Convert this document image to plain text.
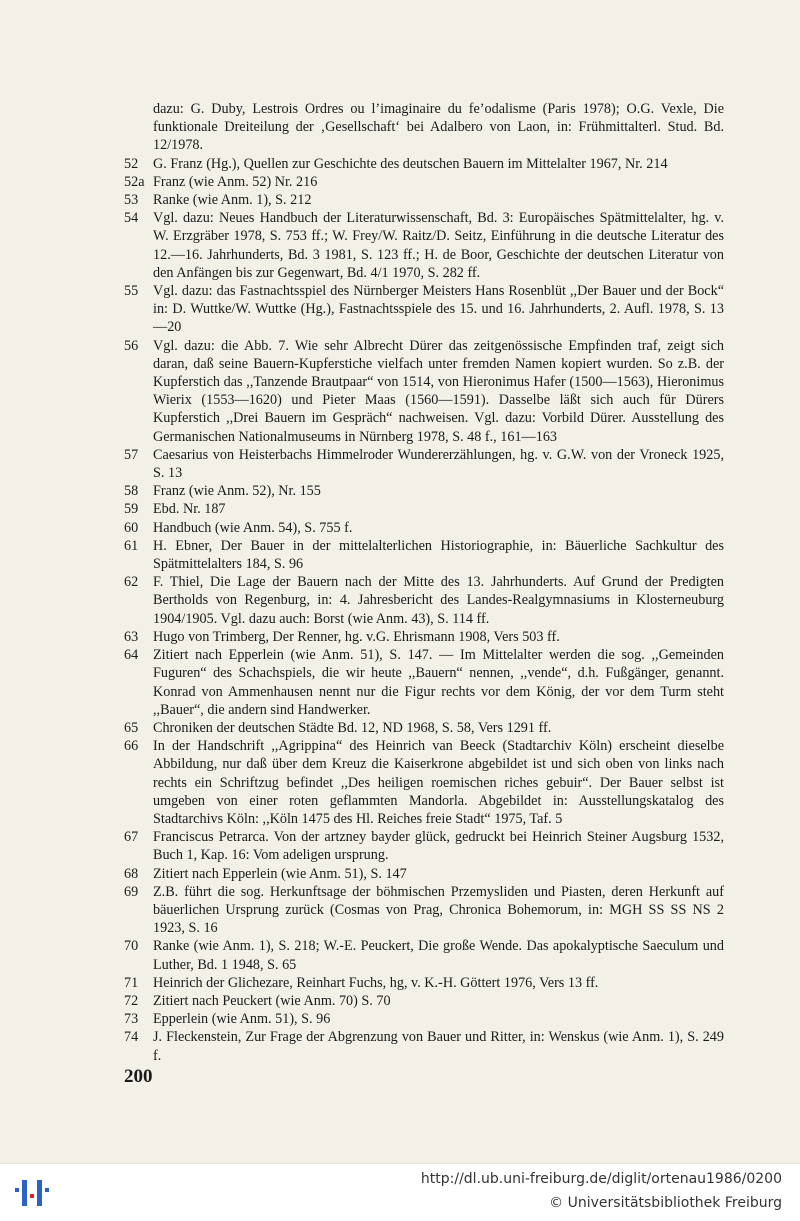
dazu: G. Duby, Lestrois Ordres ou l’imaginaire du fe’odalisme (Paris 1978); O.G. Vexle, Die funktionale Dreiteilung der ‚Gesellschaft‘ bei Adalbero von Laon, in: Frühmittalterl. Stud. Bd. 12/1978.
52	G. Franz (Hg.), Quellen zur Geschichte des deutschen Bauern im Mittelalter 1967, Nr. 214
52a Franz (wie Anm. 52) Nr. 216
53	Ranke (wie Anm. 1), S. 212
54	Vgl. dazu: Neues Handbuch der Literaturwissenschaft, Bd. 3: Europäisches Spätmittelalter, hg. v. W. Erzgräber 1978, S. 753 ff.; W. Frey/W. Raitz/D. Seitz, Einführung in die deutsche Literatur des 12.—16. Jahrhunderts, Bd. 3 1981, S. 123 ff.; H. de Boor, Geschichte der deutschen Literatur von den Anfängen bis zur Gegenwart, Bd. 4/1 1970, S. 282 ff.
55	Vgl. dazu: das Fastnachtsspiel des Nürnberger Meisters Hans Rosenblüt ,,Der Bauer und der Bock“ in: D. Wuttke/W. Wuttke (Hg.), Fastnachtsspiele des 15. und 16. Jahrhunderts, 2. Aufl. 1978, S. 13—20
56	Vgl. dazu: die Abb. 7. Wie sehr Albrecht Dürer das zeitgenössische Empfinden traf, zeigt sich daran, daß seine Bauern-Kupferstiche vielfach unter fremden Namen kopiert wurden. So z.B. der Kupferstich das ,,Tanzende Brautpaar“ von 1514, von Hieronimus Hafer (1500—1563), Hieronimus Wierix (1553—1620) und Pieter Maas (1560—1591). Dasselbe läßt sich auch für Dürers Kupferstich ,,Drei Bauern im Gespräch“ nachweisen. Vgl. dazu: Vorbild Dürer. Ausstellung des Germanischen Nationalmuseums in Nürnberg 1978, S. 48 f., 161—163
57	Caesarius von Heisterbachs Himmelroder Wundererzählungen, hg. v. G.W. von der Vroneck 1925, S. 13
58	Franz (wie Anm. 52), Nr. 155
59	Ebd. Nr. 187
60	Handbuch (wie Anm. 54), S. 755 f.
61	H. Ebner, Der Bauer in der mittelalterlichen Historiographie, in: Bäuerliche Sachkultur des Spätmittelalters 184, S. 96
62	F. Thiel, Die Lage der Bauern nach der Mitte des 13. Jahrhunderts. Auf Grund der Predigten Bertholds von Regenburg, in: 4. Jahresbericht des Landes-Realgymnasiums in Klosterneuburg 1904/1905. Vgl. dazu auch: Borst (wie Anm. 43), S. 114 ff.
63	Hugo von Trimberg, Der Renner, hg. v.G. Ehrismann 1908, Vers 503 ff.
64	Zitiert nach Epperlein (wie Anm. 51), S. 147. — Im Mittelalter werden die sog. ,,Gemeinden Fuguren“ des Schachspiels, die wir heute ,,Bauern“ nennen, ,,vende“, d.h. Fußgänger, genannt. Konrad von Ammenhausen nennt nur die Figur rechts vor dem König, der vor dem Turm steht ,,Bauer“, die andern sind Handwerker.
65	Chroniken der deutschen Städte Bd. 12, ND 1968, S. 58, Vers 1291 ff.
66	In der Handschrift ,,Agrippina“ des Heinrich van Beeck (Stadtarchiv Köln) erscheint dieselbe Abbildung, nur daß über dem Kreuz die Kaiserkrone abgebildet ist und sich oben von links nach rechts ein Schriftzug befindet ,,Des heiligen roemischen riches gebuir“. Der Bauer selbst ist umgeben von einer roten geflammten Mandorla. Abgebildet in: Ausstellungskatalog des Stadtarchivs Köln: ,,Köln 1475 des Hl. Reiches freie Stadt“ 1975, Taf. 5
67	Franciscus Petrarca. Von der artzney bayder glück, gedruckt bei Heinrich Steiner Augsburg 1532, Buch 1, Kap. 16: Vom adeligen ursprung.
68	Zitiert nach Epperlein (wie Anm. 51), S. 147
69	Z.B. führt die sog. Herkunftsage der böhmischen Przemysliden und Piasten, deren Herkunft auf bäuerlichen Ursprung zurück (Cosmas von Prag, Chronica Bohemorum, in: MGH SS SS NS 2 1923, S. 16
70	Ranke (wie Anm. 1), S. 218; W.-E. Peuckert, Die große Wende. Das apokalyptische Saeculum und Luther, Bd. 1 1948, S. 65
71	Heinrich der Glichezare, Reinhart Fuchs, hg, v. K.-H. Göttert 1976, Vers 13 ff.
72	Zitiert nach Peuckert (wie Anm. 70) S. 70
73	Epperlein (wie Anm. 51), S. 96
74	J. Fleckenstein, Zur Frage der Abgrenzung von Bauer und Ritter, in: Wenskus (wie Anm. 1), S. 249 f.
200
http://dl.ub.uni-freiburg.de/diglit/ortenau1986/0200
© Universitätsbibliothek Freiburg
